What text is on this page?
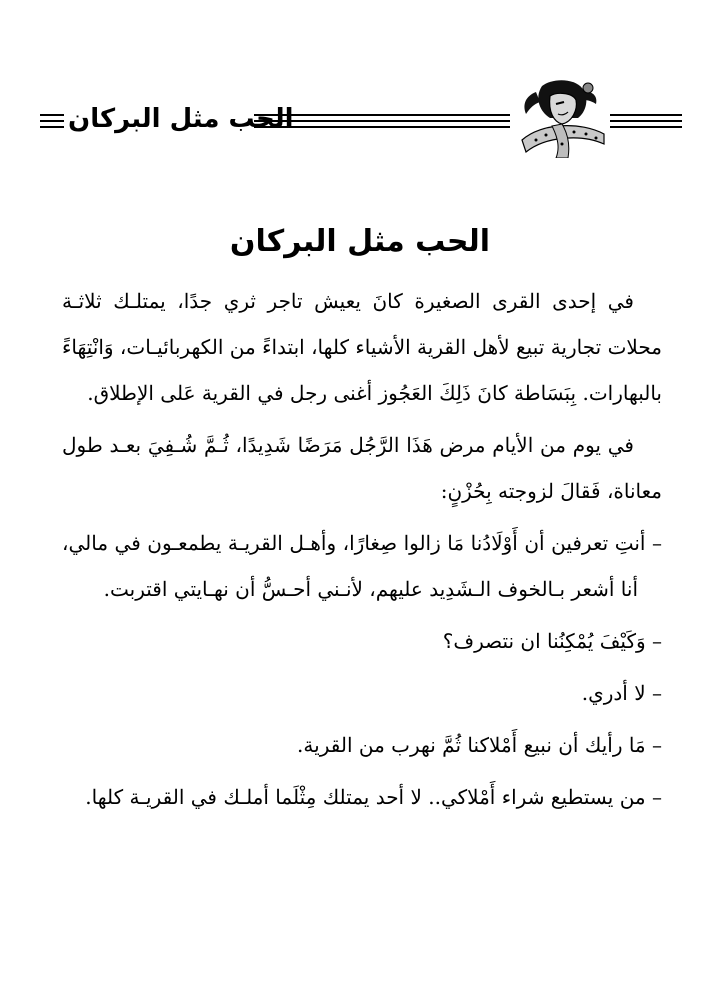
الحب مثل البركان
الحب مثل البركان

في إحدى القرى الصغيرة كانَ يعيش تاجر ثري جدًا، يمتلـك ثلاثـة محلات تجارية تبيع لأهل القرية الأشياء كلها، ابتداءً من الكهربائيـات، وَانْتِهَاءً بالبهارات. بِبَسَاطة كانَ ذَلِكَ العَجُوز أغنى رجل في القرية عَلى الإطلاق.

في يوم من الأيام مرض هَذَا الرَّجُل مَرَضًا شَدِيدًا، ثُـمَّ شُـفِيَ بعـد طول معاناة، فَقالَ لزوجته بِحُزْنٍ:

– أنتِ تعرفين أن أَوْلَادُنا مَا زالوا صِغارًا، وأهـل القريـة يطمعـون في مالي، أنا أشعر بـالخوف الـشَدِيد عليهم، لأنـني أحـسُّ أن نهـايتي اقتربت.

– وَكَيْفَ يُمْكِنُنا ان نتصرف؟

– لا أدري.

– مَا رأيك أن نبيع أَمْلاكنا ثُمَّ نهرب من القرية.

– من يستطيع شراء أَمْلاكي.. لا أحد يمتلك مِثْلَما أملـك في القريـة كلها.
